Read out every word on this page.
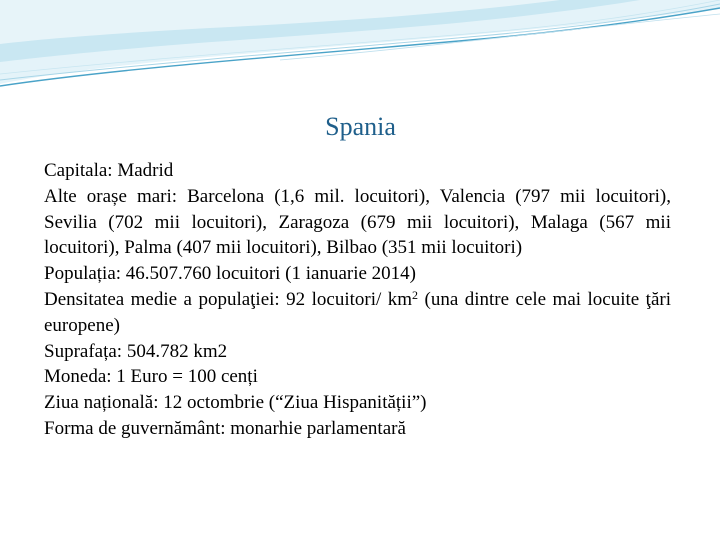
Spania
Capitala: Madrid
Alte orașe mari: Barcelona (1,6 mil. locuitori), Valencia (797 mii locuitori), Sevilia (702 mii locuitori), Zaragoza (679 mii locuitori), Malaga (567 mii locuitori), Palma (407 mii locuitori), Bilbao (351 mii locuitori)
Populația: 46.507.760 locuitori (1 ianuarie 2014)
Densitatea medie a populaţiei: 92 locuitori/ $km^2$ (una dintre cele mai locuite ţări europene)
Suprafața: 504.782 km2
Moneda: 1 Euro = 100 cenți
Ziua națională: 12 octombrie (“Ziua Hispanității”)
Forma de guvernământ: monarhie parlamentară
